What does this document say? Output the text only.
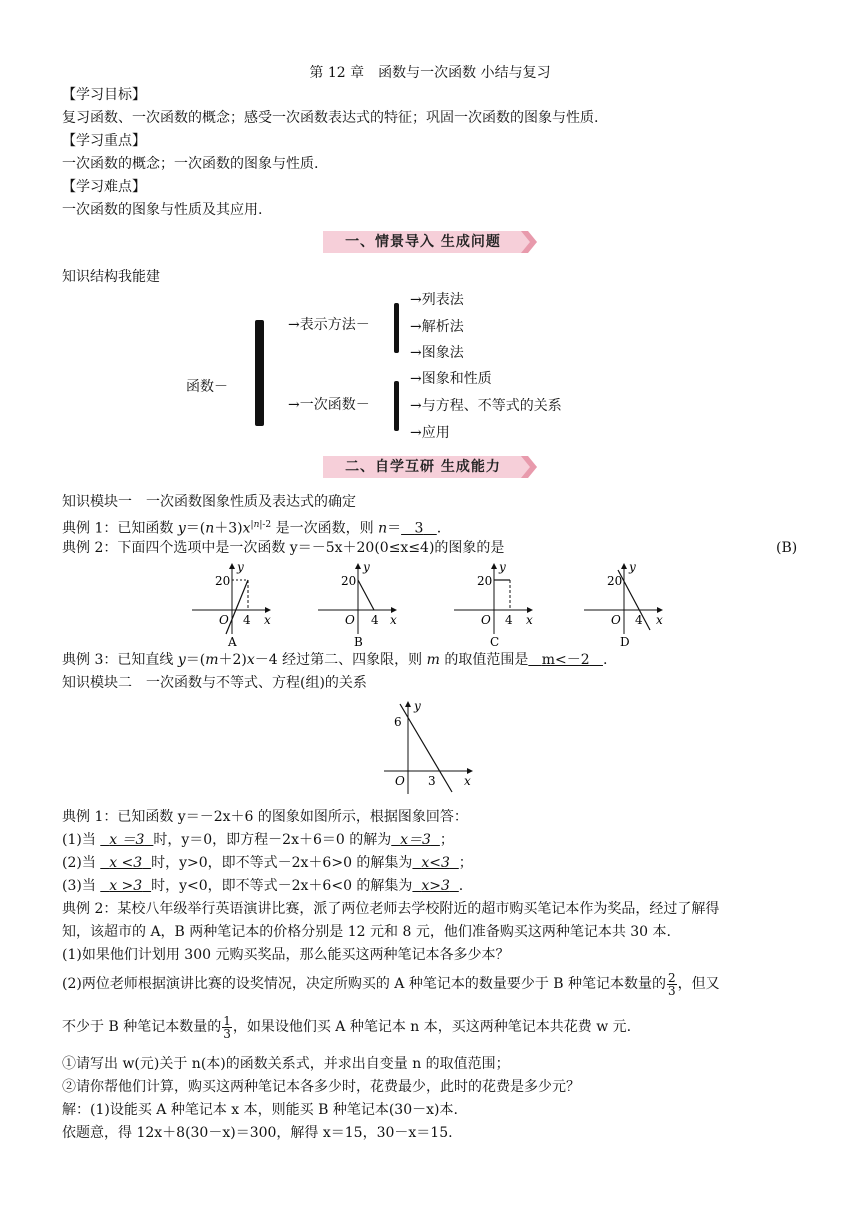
第 12 章　函数与一次函数 小结与复习
【学习目标】
复习函数、一次函数的概念；感受一次函数表达式的特征；巩固一次函数的图象与性质.
【学习重点】
一次函数的概念；一次函数的图象与性质.
【学习难点】
一次函数的图象与性质及其应用.
一、情景导入 生成问题
知识结构我能建
函数－
→表示方法－
→一次函数－
→列表法
→解析法
→图象法
→图象和性质
→与方程、不等式的关系
→应用
二、自学互研 生成能力
知识模块一　一次函数图象性质及表达式的确定
典例 1：已知函数 $y=(n+3)x^{|n|-2}$ 是一次函数，则 n＝ 3 .
典例 2：下面四个选项中是一次函数 y＝－5x＋20(0≤x≤4)的图象的是	(B)
20
O 4 x
y
A
20
O 4 x
y
B
20
O 4 x
y
C
20
O 4 x
y
D
典例 3：已知直线 y＝(m＋2)x－4 经过第二、四象限，则 m 的取值范围是 m<－2 .
知识模块二　一次函数与不等式、方程(组)的关系
6
O 3 x
y
典例 1：已知函数 y＝－2x＋6 的图象如图所示，根据图象回答：
(1)当   x ＝3 时，y＝0，即方程－2x＋6＝0 的解为 x＝3 ；
(2)当   x <3 时，y>0，即不等式－2x＋6>0 的解集为 x<3 ；
(3)当   x >3 时，y<0，即不等式－2x＋6<0 的解集为 x>3 .
典例 2：某校八年级举行英语演讲比赛，派了两位老师去学校附近的超市购买笔记本作为奖品，经过了解得
知，该超市的 A，B 两种笔记本的价格分别是 12 元和 8 元，他们准备购买这两种笔记本共 30 本.
(1)如果他们计划用 300 元购买奖品，那么能买这两种笔记本各多少本？
(2)两位老师根据演讲比赛的设奖情况，决定所购买的 A 种笔记本的数量要少于 B 种笔记本数量的 $\frac{2}{3}$ ，但又
不少于 B 种笔记本数量的 $\frac{1}{3}$ ，如果设他们买 A 种笔记本 n 本，买这两种笔记本共花费 w 元.
①请写出 w(元)关于 n(本)的函数关系式，并求出自变量 n 的取值范围；
②请你帮他们计算，购买这两种笔记本各多少时，花费最少，此时的花费是多少元？
解：(1)设能买 A 种笔记本 x 本，则能买 B 种笔记本(30－x)本.
依题意，得 12x＋8(30－x)＝300，解得 x＝15，30－x＝15.
